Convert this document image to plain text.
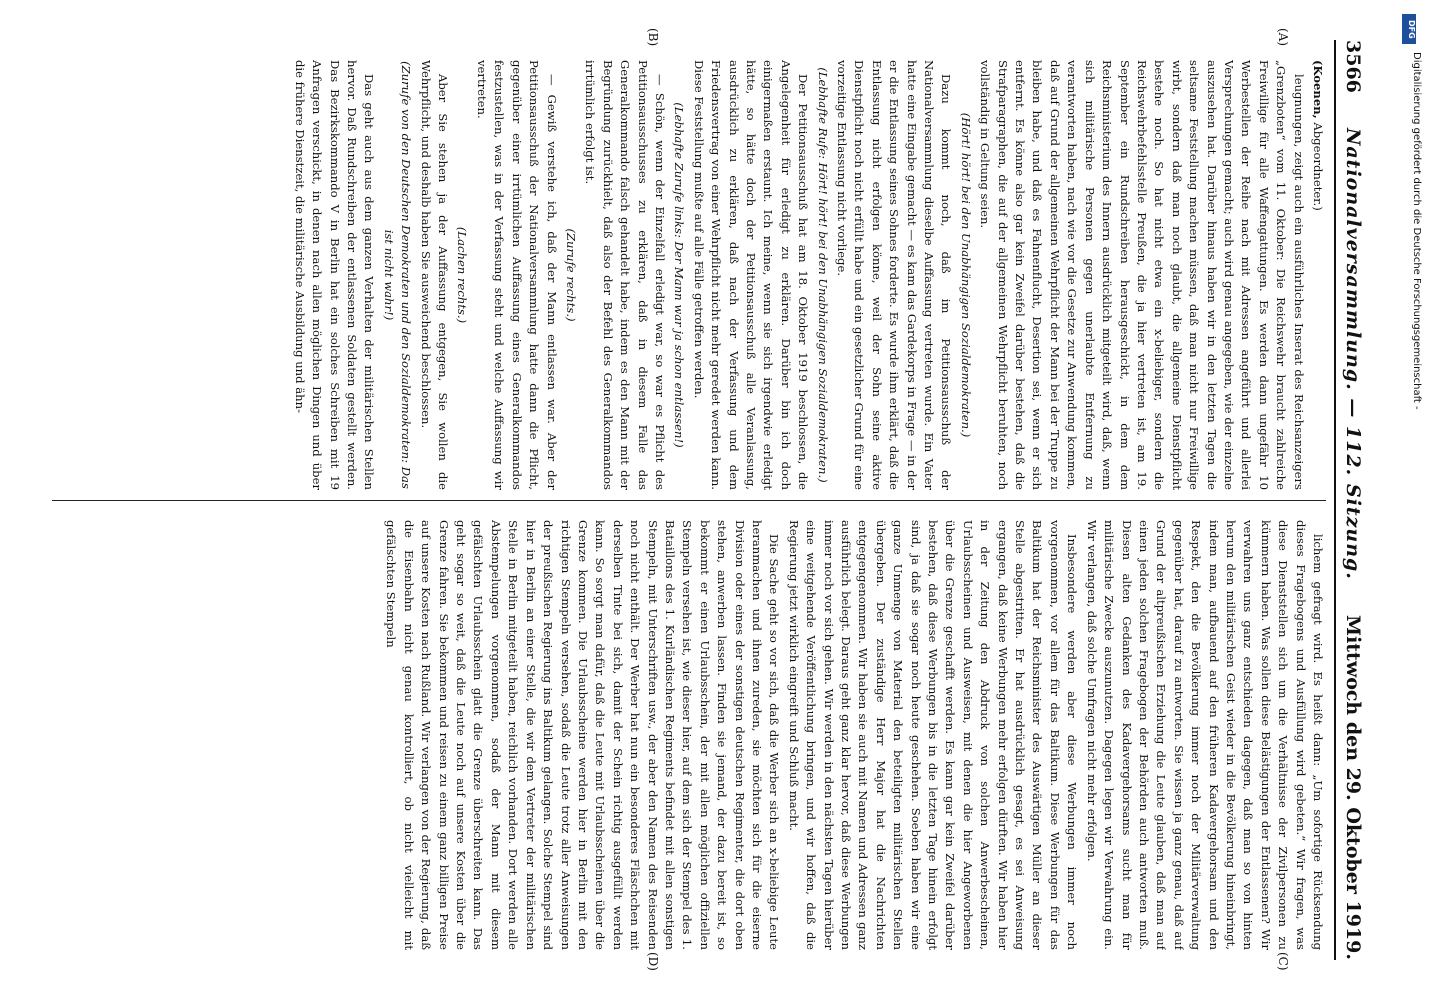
3566
Nationalversammlung. — 112. Sitzung.
Mittwoch den 29. Oktober 1919.
(A)
(B)
(C)
(D)

(Koenen, Abgeordneter.)

leugnungen, zeigt auch ein ausführliches Inserat des Reichsanzeigers „Grenzboten“ vom 11. Oktober: Die Reichswehr braucht zahlreiche Freiwillige für alle Waffengattungen. Es werden dann ungefähr 10 Werbestellen der Reihe nach mit Adressen angeführt und allerlei Versprechungen gemacht; auch wird genau angegeben, wie der einzelne auszusehen hat. Darüber hinaus haben wir in den letzten Tagen die seltsame Feststellung machen müssen, daß man nicht nur Freiwillige wirbt, sondern daß man noch glaubt, die allgemeine Dienstpflicht bestehe noch. So hat nicht etwa ein x-beliebiger, sondern die Reichswehrbefehlsstelle Preußen, die ja hier vertreten ist, am 19. September ein Rundschreiben herausgeschickt, in dem dem Reichsministerium des Innern ausdrücklich mitgeteilt wird, daß, wenn sich militärische Personen gegen unerlaubte Entfernung zu verantworten haben, nach wie vor die Gesetze zur Anwendung kommen, daß auf Grund der allgemeinen Wehrpflicht der Mann bei der Truppe zu bleiben habe, und daß es Fahnenflucht, Desertion sei, wenn er sich entfernt. Es könne also gar kein Zweifel darüber bestehen, daß die Strafparagraphen, die auf der allgemeinen Wehrpflicht beruhten, noch vollständig in Geltung seien.

(Hört! hört! bei den Unabhängigen Sozialdemokraten.)

Dazu kommt noch, daß im Petitionsausschuß der Nationalversammlung dieselbe Auffassung vertreten wurde. Ein Vater hatte eine Eingabe gemacht — es kam das Gardekorps in Frage — in der er die Entlassung seines Sohnes forderte. Es wurde ihm erklärt, daß die Entlassung nicht erfolgen könne, weil der Sohn seine aktive Dienstpflicht noch nicht erfüllt habe und ein gesetzlicher Grund für eine vorzeitige Entlassung nicht vorliege.

(Lebhafte Rufe: Hört! hört! bei den Unabhängigen Sozialdemokraten.)

Der Petitionsausschuß hat am 18. Oktober 1919 beschlossen, die Angelegenheit für erledigt zu erklären. Darüber bin ich doch einigermaßen erstaunt. Ich meine, wenn sie sich irgendwie erledigt hätte, so hätte doch der Petitionsausschuß alle Veranlassung, ausdrücklich zu erklären, daß nach der Verfassung und dem Friedensvertrag von einer Wehrpflicht nicht mehr geredet werden kann. Diese Feststellung mußte auf alle Fälle getroffen werden.

(Lebhafte Zurufe links: Der Mann war ja schon entlassen!)

— Schön, wenn der Einzelfall erledigt war, so war es Pflicht des Petitionsausschusses zu erklären, daß in diesem Falle das Generalkommando falsch gehandelt habe, indem es den Mann mit der Begründung zurückhielt, daß also der Befehl des Generalkommandos irrtümlich erfolgt ist.

(Zurufe rechts.)

— Gewiß verstehe ich, daß der Mann entlassen war. Aber der Petitionsausschuß der Nationalversammlung hatte dann die Pflicht, gegenüber einer irrtümlichen Auffassung eines Generalkommandos festzustellen, was in der Verfassung steht und welche Auffassung wir vertreten.

(Lachen rechts.)

Aber Sie stehen ja der Auffassung entgegen, Sie wollen die Wehrpflicht, und deshalb haben Sie ausweichend beschlossen.

(Zurufe von den Deutschen Demokraten und den Sozialdemokraten: Das ist nicht wahr!)

Das geht auch aus dem ganzen Verhalten der militärischen Stellen hervor. Daß Rundschreiben der entlassenen Soldaten gestellt werden. Das Bezirkskommando V in Berlin hat ein solches Schreiben mit 19 Anfragen verschickt, in denen nach allen möglichen Dingen und über die frühere Dienstzeit, die militärische Ausbildung und ähn-

lichem gefragt wird. Es heißt dann: „Um sofortige Rücksendung dieses Fragebogens und Ausfüllung wird gebeten.“ Wir fragen, was diese Dienststellen sich um die Verhältnisse der Zivilpersonen zu kümmern haben. Was sollen diese Belästigungen der Entlassenen? Wir verwahren uns ganz entschieden dagegen, daß man so von hinten herum den militärischen Geist wieder in die Bevölkerung hineinbringt, indem man, aufbauend auf den früheren Kadavergehorsam und den Respekt, den die Bevölkerung immer noch der Militärverwaltung gegenüber hat, darauf zu antworten. Sie wissen ja ganz genau, daß auf Grund der altpreußischen Erziehung die Leute glauben, daß man auf einen jeden solchen Fragebogen der Behörden auch antworten muß. Diesen alten Gedanken des Kadavergehorsams sucht man für militärische Zwecke auszunutzen. Dagegen legen wir Verwahrung ein. Wir verlangen, daß solche Umfragen nicht mehr erfolgen.

Insbesondere werden aber diese Werbungen immer noch vorgenommen, vor allem für das Baltikum. Diese Werbungen für das Baltikum hat der Reichsminister des Auswärtigen Müller an dieser Stelle abgestritten. Er hat ausdrücklich gesagt, es sei Anweisung ergangen, daß keine Werbungen mehr erfolgen dürften. Wir haben hier in der Zeitung den Abdruck von solchen Anwerbescheinen, Urlaubsscheinen und Ausweisen, mit denen die hier Angeworbenen über die Grenze geschafft werden. Es kann gar kein Zweifel darüber bestehen, daß diese Werbungen bis in die letzten Tage hinein erfolgt sind, ja daß sie sogar noch heute geschehen. Soeben haben wir eine ganze Unmenge von Material den beteiligten militärischen Stellen übergeben. Der zuständige Herr Major hat die Nachrichten entgegengenommen. Wir haben sie auch mit Namen und Adressen ganz ausführlich belegt. Daraus geht ganz klar hervor, daß diese Werbungen immer noch vor sich gehen. Wir werden in den nächsten Tagen hierüber eine weitgehende Veröffentlichung bringen, und wir hoffen, daß die Regierung jetzt wirklich eingreift und Schluß macht.

Die Sache geht so vor sich, daß die Werber sich an x-beliebige Leute heranmachen und ihnen zureden, sie möchten sich für die eiserne Division oder eines der sonstigen deutschen Regimenter, die dort oben stehen, anwerben lassen. Finden sie jemand, der dazu bereit ist, so bekommt er einen Urlaubsschein, der mit allen möglichen offiziellen Stempeln versehen ist, wie dieser hier, auf dem sich der Stempel des 1. Bataillons des 1. Kurländischen Regiments befindet mit allen sonstigen Stempeln, mit Unterschriften usw., der aber den Namen des Reisenden noch nicht enthält. Der Werber hat nun ein besonderes Fläschchen mit derselben Tinte bei sich, damit der Schein richtig ausgefüllt werden kann. So sorgt man dafür, daß die Leute mit Urlaubsscheinen über die Grenze kommen. Die Urlaubsscheine werden hier in Berlin mit den richtigen Stempeln versehen, sodaß die Leute trotz aller Anweisungen der preußischen Regierung ins Baltikum gelangen. Solche Stempel sind hier in Berlin an einer Stelle, die wir dem Vertreter der militärischen Stelle in Berlin mitgeteilt haben, reichlich vorhanden. Dort werden alle Abstempelungen vorgenommen, sodaß der Mann mit diesem gefälschten Urlaubsschein glatt die Grenze überschreiten kann. Das geht sogar so weit, daß die Leute noch auf unsere Kosten über die Grenze fahren. Sie bekommen und reisen zu einem ganz billigen Preise auf unsere Kosten nach Rußland. Wir verlangen von der Regierung, daß die Eisenbahn nicht genau kontrolliert, ob nicht vielleicht mit gefälschten Stempeln

DFG
Digitalisierung gefördert durch die Deutsche Forschungsgemeinschaft -
